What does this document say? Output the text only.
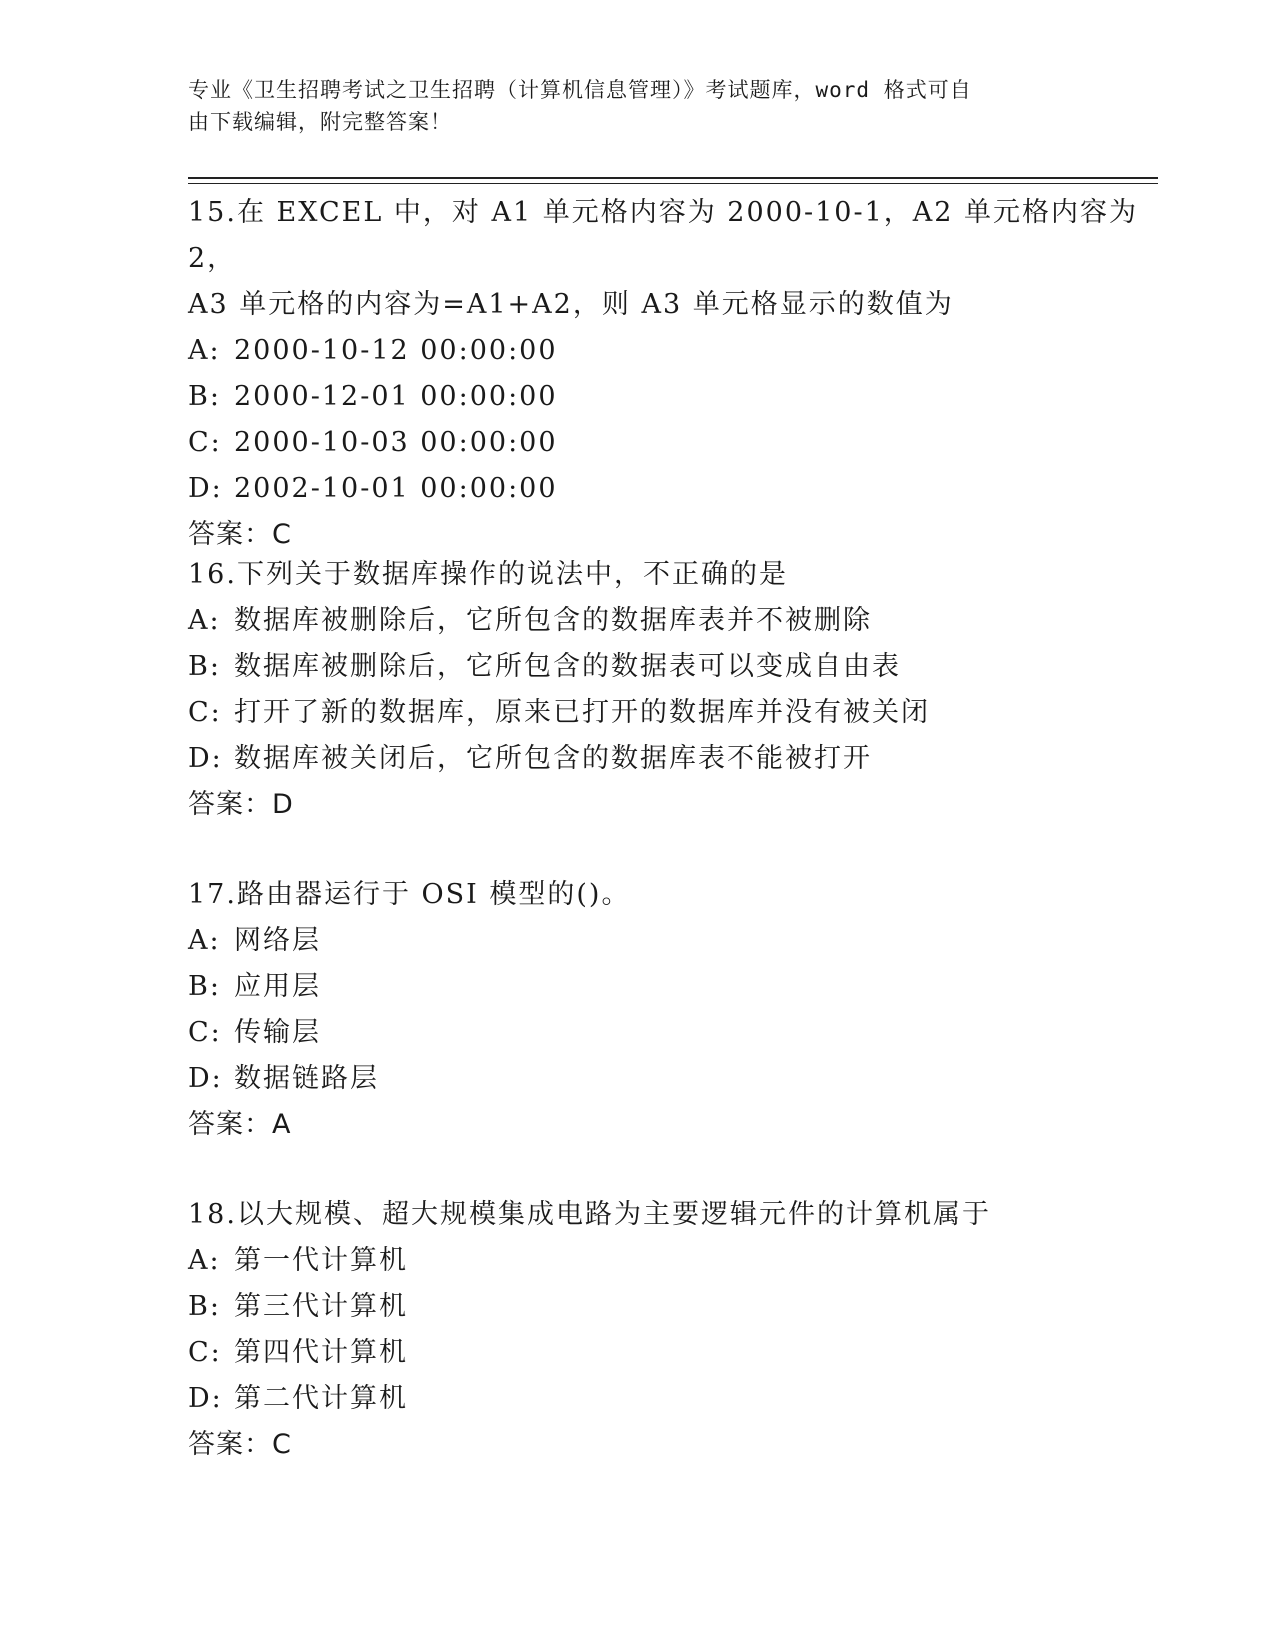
专业《卫生招聘考试之卫生招聘（计算机信息管理）》考试题库，word 格式可自
由下载编辑，附完整答案！
15.在 EXCEL 中，对 A1 单元格内容为 2000-10-1，A2 单元格内容为 2，
A3 单元格的内容为=A1+A2，则 A3 单元格显示的数值为
A: 2000-10-12 00:00:00
B: 2000-12-01 00:00:00
C: 2000-10-03 00:00:00
D: 2002-10-01 00:00:00
答案：C
16.下列关于数据库操作的说法中，不正确的是
A: 数据库被删除后，它所包含的数据库表并不被删除
B: 数据库被删除后，它所包含的数据表可以变成自由表
C: 打开了新的数据库，原来已打开的数据库并没有被关闭
D: 数据库被关闭后，它所包含的数据库表不能被打开
答案：D
17.路由器运行于 OSI 模型的()。
A: 网络层
B: 应用层
C: 传输层
D: 数据链路层
答案：A
18.以大规模、超大规模集成电路为主要逻辑元件的计算机属于
A: 第一代计算机
B: 第三代计算机
C: 第四代计算机
D: 第二代计算机
答案：C
